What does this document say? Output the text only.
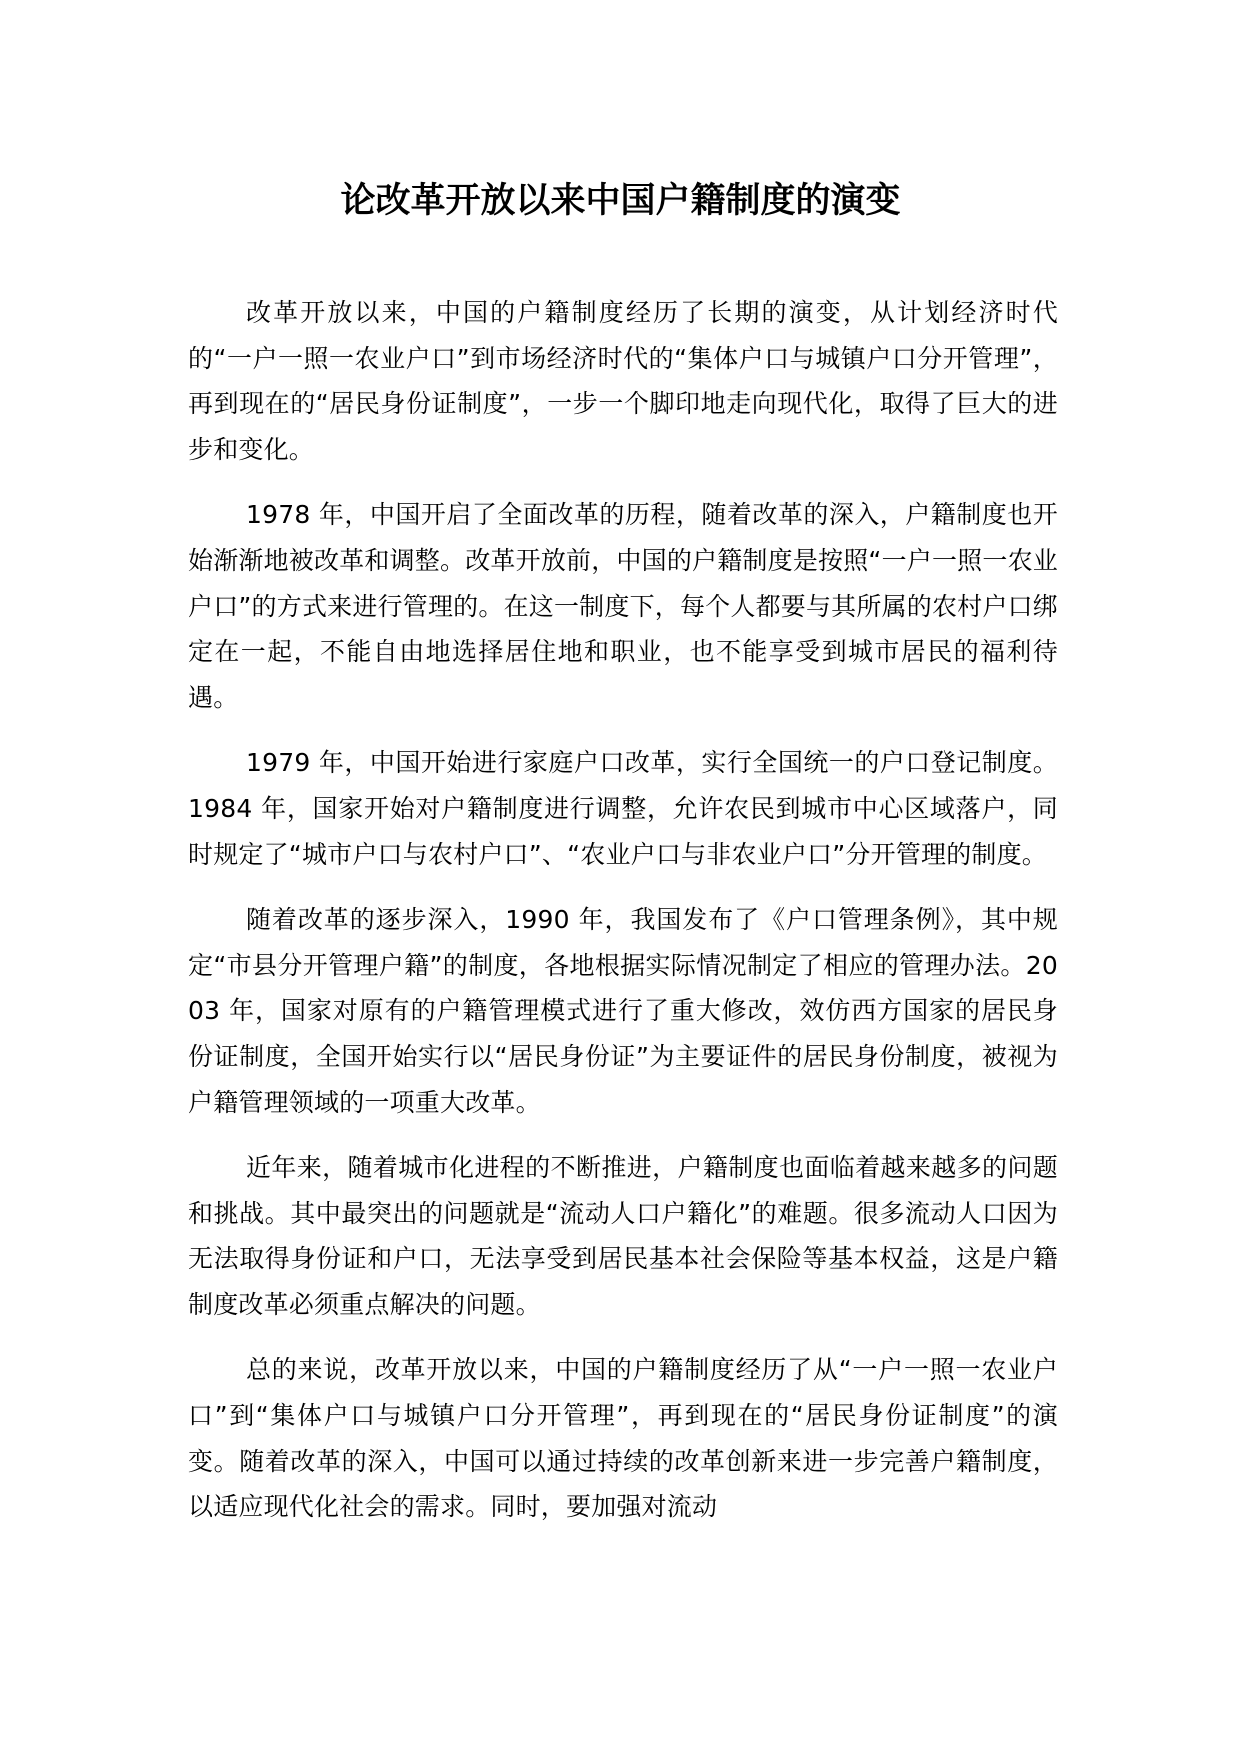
论改革开放以来中国户籍制度的演变

改革开放以来，中国的户籍制度经历了长期的演变，从计划经济时代的“一户一照一农业户口”到市场经济时代的“集体户口与城镇户口分开管理”，再到现在的“居民身份证制度”，一步一个脚印地走向现代化，取得了巨大的进步和变化。

1978 年，中国开启了全面改革的历程，随着改革的深入，户籍制度也开始渐渐地被改革和调整。改革开放前，中国的户籍制度是按照“一户一照一农业户口”的方式来进行管理的。在这一制度下，每个人都要与其所属的农村户口绑定在一起，不能自由地选择居住地和职业，也不能享受到城市居民的福利待遇。

1979 年，中国开始进行家庭户口改革，实行全国统一的户口登记制度。1984 年，国家开始对户籍制度进行调整，允许农民到城市中心区域落户，同时规定了“城市户口与农村户口”、“农业户口与非农业户口”分开管理的制度。

随着改革的逐步深入，1990 年，我国发布了《户口管理条例》，其中规定“市县分开管理户籍”的制度，各地根据实际情况制定了相应的管理办法。2003 年，国家对原有的户籍管理模式进行了重大修改，效仿西方国家的居民身份证制度，全国开始实行以“居民身份证”为主要证件的居民身份制度，被视为户籍管理领域的一项重大改革。

近年来，随着城市化进程的不断推进，户籍制度也面临着越来越多的问题和挑战。其中最突出的问题就是“流动人口户籍化”的难题。很多流动人口因为无法取得身份证和户口，无法享受到居民基本社会保险等基本权益，这是户籍制度改革必须重点解决的问题。

总的来说，改革开放以来，中国的户籍制度经历了从“一户一照一农业户口”到“集体户口与城镇户口分开管理”，再到现在的“居民身份证制度”的演变。随着改革的深入，中国可以通过持续的改革创新来进一步完善户籍制度，以适应现代化社会的需求。同时，要加强对流动
